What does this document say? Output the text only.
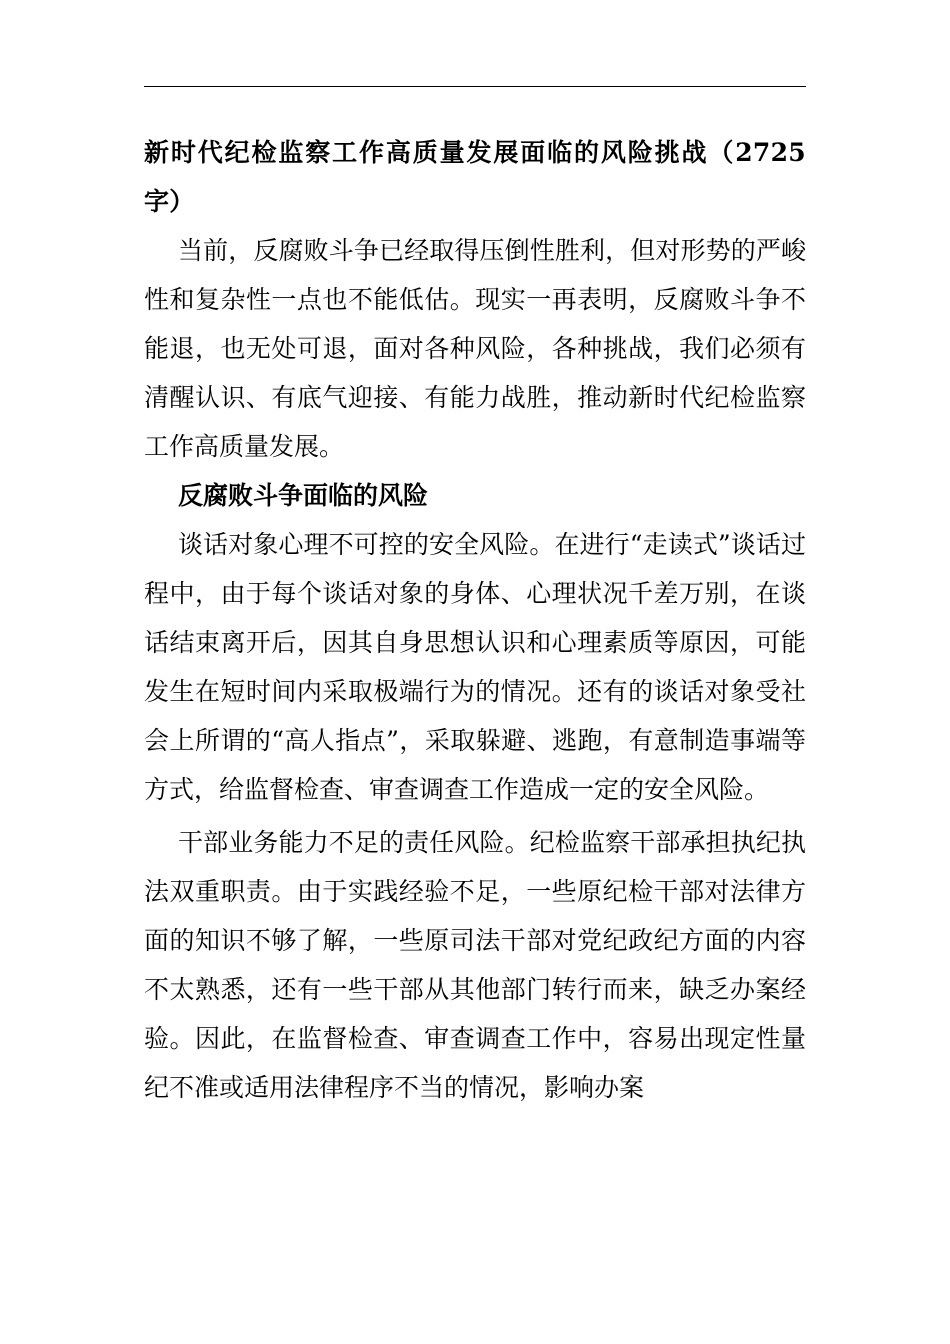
新时代纪检监察工作高质量发展面临的风险挑战（2725字）

当前，反腐败斗争已经取得压倒性胜利，但对形势的严峻性和复杂性一点也不能低估。现实一再表明，反腐败斗争不能退，也无处可退，面对各种风险，各种挑战，我们必须有清醒认识、有底气迎接、有能力战胜，推动新时代纪检监察工作高质量发展。

反腐败斗争面临的风险

谈话对象心理不可控的安全风险。在进行“走读式”谈话过程中，由于每个谈话对象的身体、心理状况千差万别，在谈话结束离开后，因其自身思想认识和心理素质等原因，可能发生在短时间内采取极端行为的情况。还有的谈话对象受社会上所谓的“高人指点”，采取躲避、逃跑，有意制造事端等方式，给监督检查、审查调查工作造成一定的安全风险。

干部业务能力不足的责任风险。纪检监察干部承担执纪执法双重职责。由于实践经验不足，一些原纪检干部对法律方面的知识不够了解，一些原司法干部对党纪政纪方面的内容不太熟悉，还有一些干部从其他部门转行而来，缺乏办案经验。因此，在监督检查、审查调查工作中，容易出现定性量纪不准或适用法律程序不当的情况，影响办案
